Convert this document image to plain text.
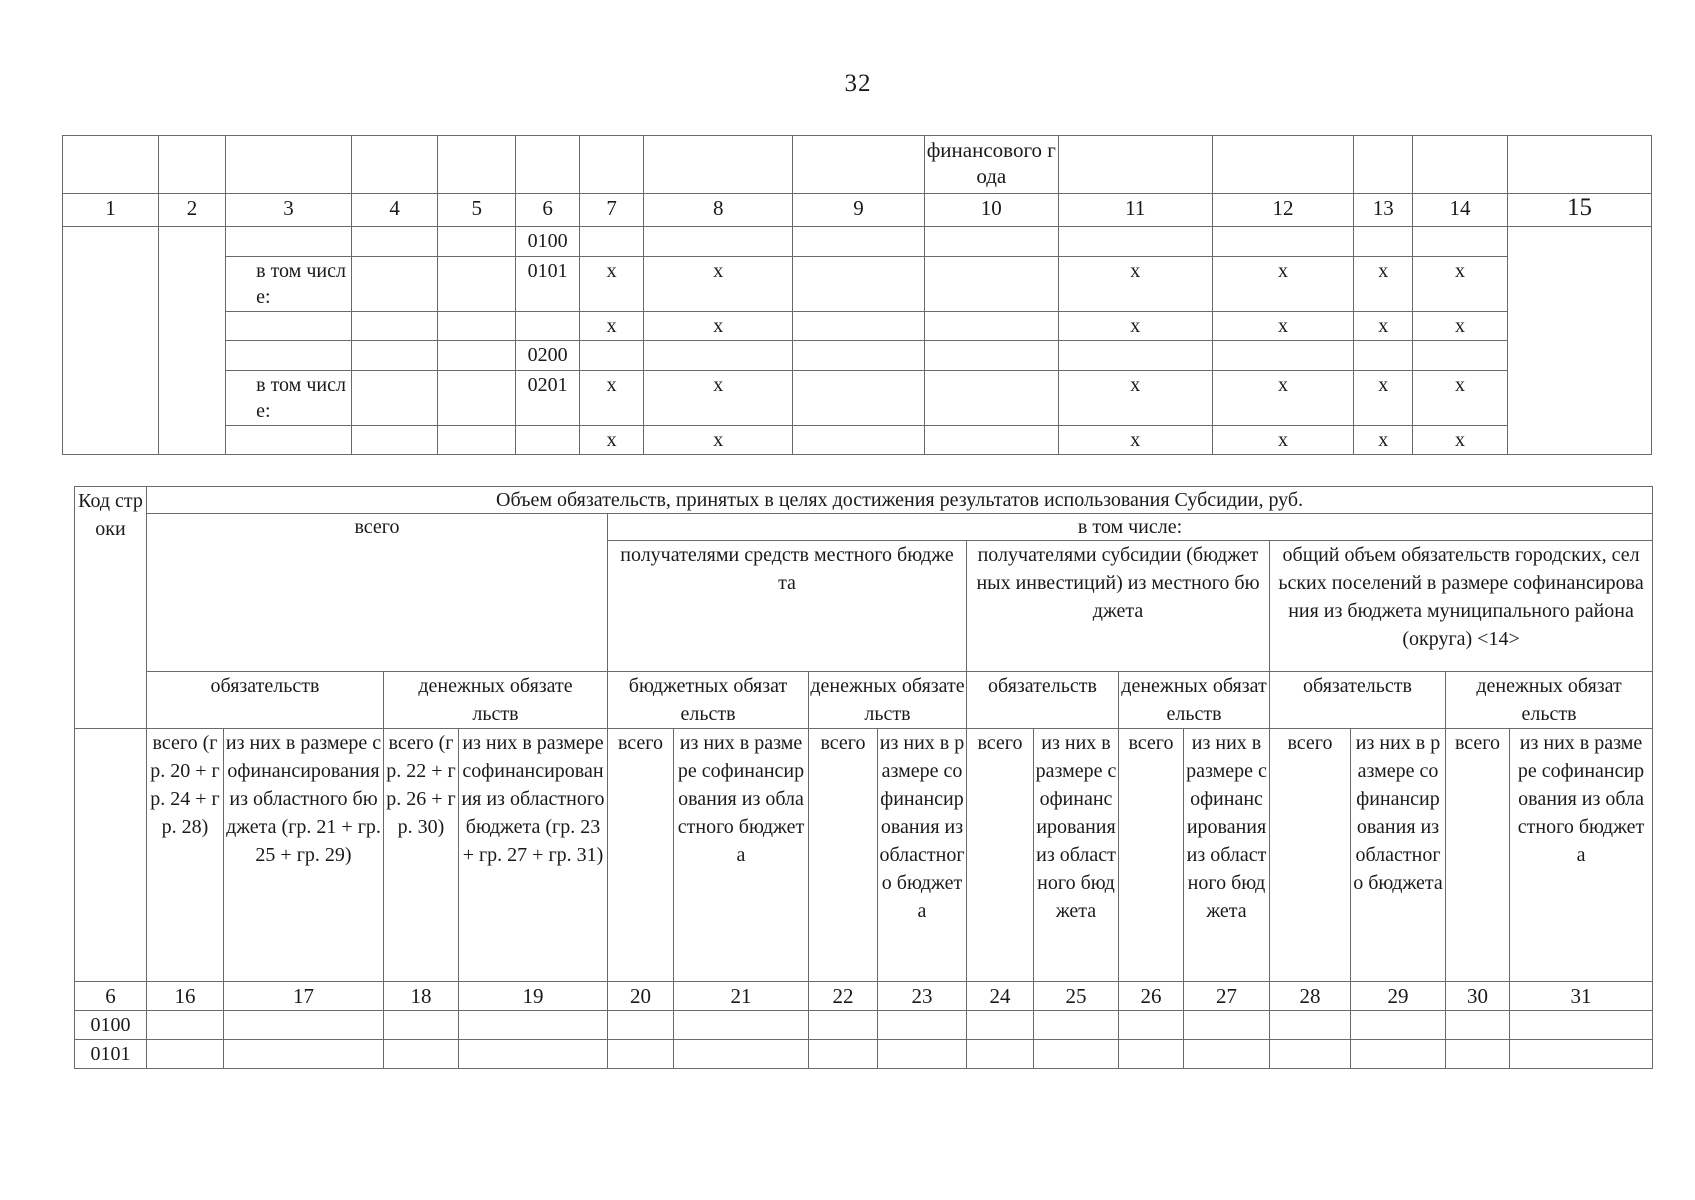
32
									финансового года					
1	2	3	4	5	6	7	8	9	10	11	12	13	14	15
					0100									
		в том числе:			0101	x	x			x	x	x	x	
						x	x			x	x	x	x	
					0200									
		в том числе:			0201	x	x			x	x	x	x	
						x	x			x	x	x	x	
Код строки	Объем обязательств, принятых в целях достижения результатов использования Субсидии, руб.															
	всего				в том числе:											
					получателями средств местного бюджета				получателями субсидии (бюджетных инвестиций) из местного бюджета				общий объем обязательств городских, сельских поселений в размере софинансирования из бюджета муниципального района (округа) <14>			
	обязательств		денежных обязательств		бюджетных обязательств		денежных обязательств		обязательств		денежных обязательств		обязательств		денежных обязательств	
	всего (гр. 20 + гр. 24 + гр. 28)	из них в размере софинансирования из областного бюджета (гр. 21 + гр. 25 + гр. 29)	всего (гр. 22 + гр. 26 + гр. 30)	из них в размере софинансирования из областного бюджета (гр. 23 + гр. 27 + гр. 31)	всего	из них в размере софинансирования из областного бюджета	всего	из них в размере софинансирования из областного бюджета	всего	из них в размере софинансирования из областного бюджета	всего	из них в размере софинансирования из областного бюджета	всего	из них в размере софинансирования из областного бюджета	всего	из них в размере софинансирования из областного бюджета
6	16	17	18	19	20	21	22	23	24	25	26	27	28	29	30	31
0100																
0101																
